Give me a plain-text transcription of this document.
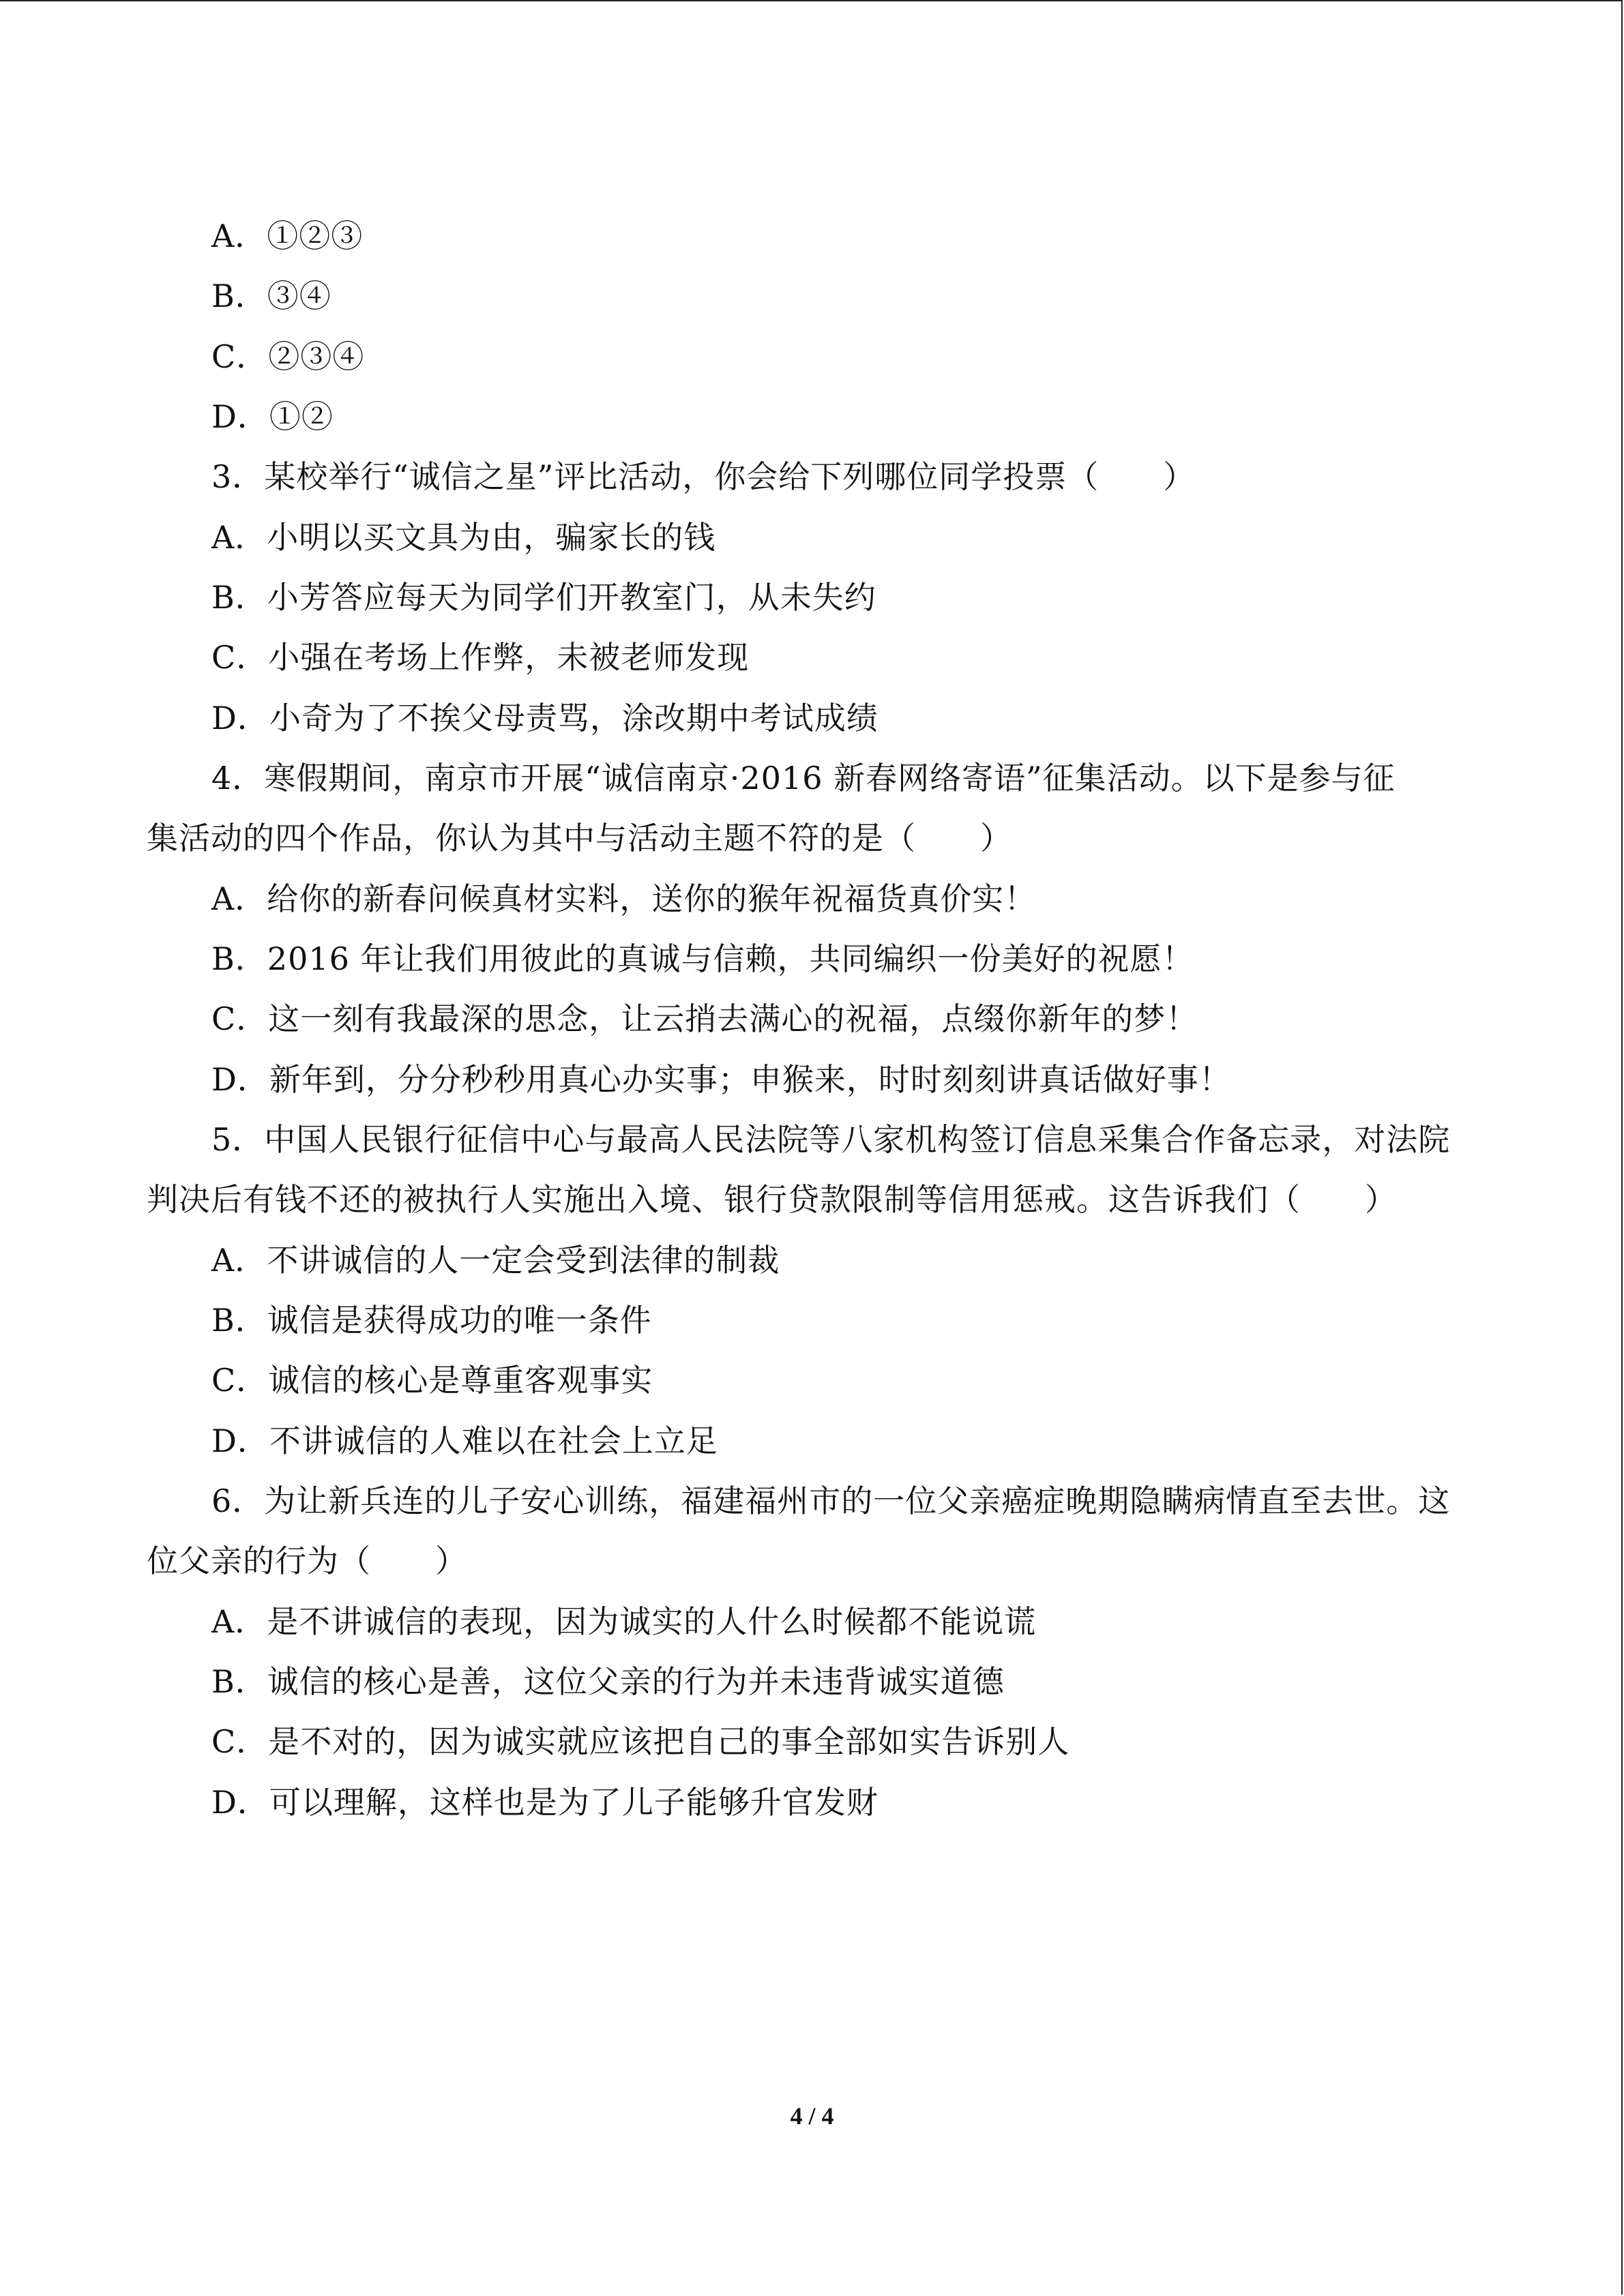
A．①②③
B．③④
C．②③④
D．①②
3．某校举行“诚信之星”评比活动，你会给下列哪位同学投票（　　）
A．小明以买文具为由，骗家长的钱
B．小芳答应每天为同学们开教室门，从未失约
C．小强在考场上作弊，未被老师发现
D．小奇为了不挨父母责骂，涂改期中考试成绩
4．寒假期间，南京市开展“诚信南京·2016 新春网络寄语”征集活动。以下是参与征
集活动的四个作品，你认为其中与活动主题不符的是（　　）
A．给你的新春问候真材实料，送你的猴年祝福货真价实！
B．2016 年让我们用彼此的真诚与信赖，共同编织一份美好的祝愿！
C．这一刻有我最深的思念，让云捎去满心的祝福，点缀你新年的梦！
D．新年到，分分秒秒用真心办实事；申猴来，时时刻刻讲真话做好事！
5．中国人民银行征信中心与最高人民法院等八家机构签订信息采集合作备忘录，对法院
判决后有钱不还的被执行人实施出入境、银行贷款限制等信用惩戒。这告诉我们（　　）
A．不讲诚信的人一定会受到法律的制裁
B．诚信是获得成功的唯一条件
C．诚信的核心是尊重客观事实
D．不讲诚信的人难以在社会上立足
6．为让新兵连的儿子安心训练，福建福州市的一位父亲癌症晚期隐瞒病情直至去世。这
位父亲的行为（　　）
A．是不讲诚信的表现，因为诚实的人什么时候都不能说谎
B．诚信的核心是善，这位父亲的行为并未违背诚实道德
C．是不对的，因为诚实就应该把自己的事全部如实告诉别人
D．可以理解，这样也是为了儿子能够升官发财
4 / 4
